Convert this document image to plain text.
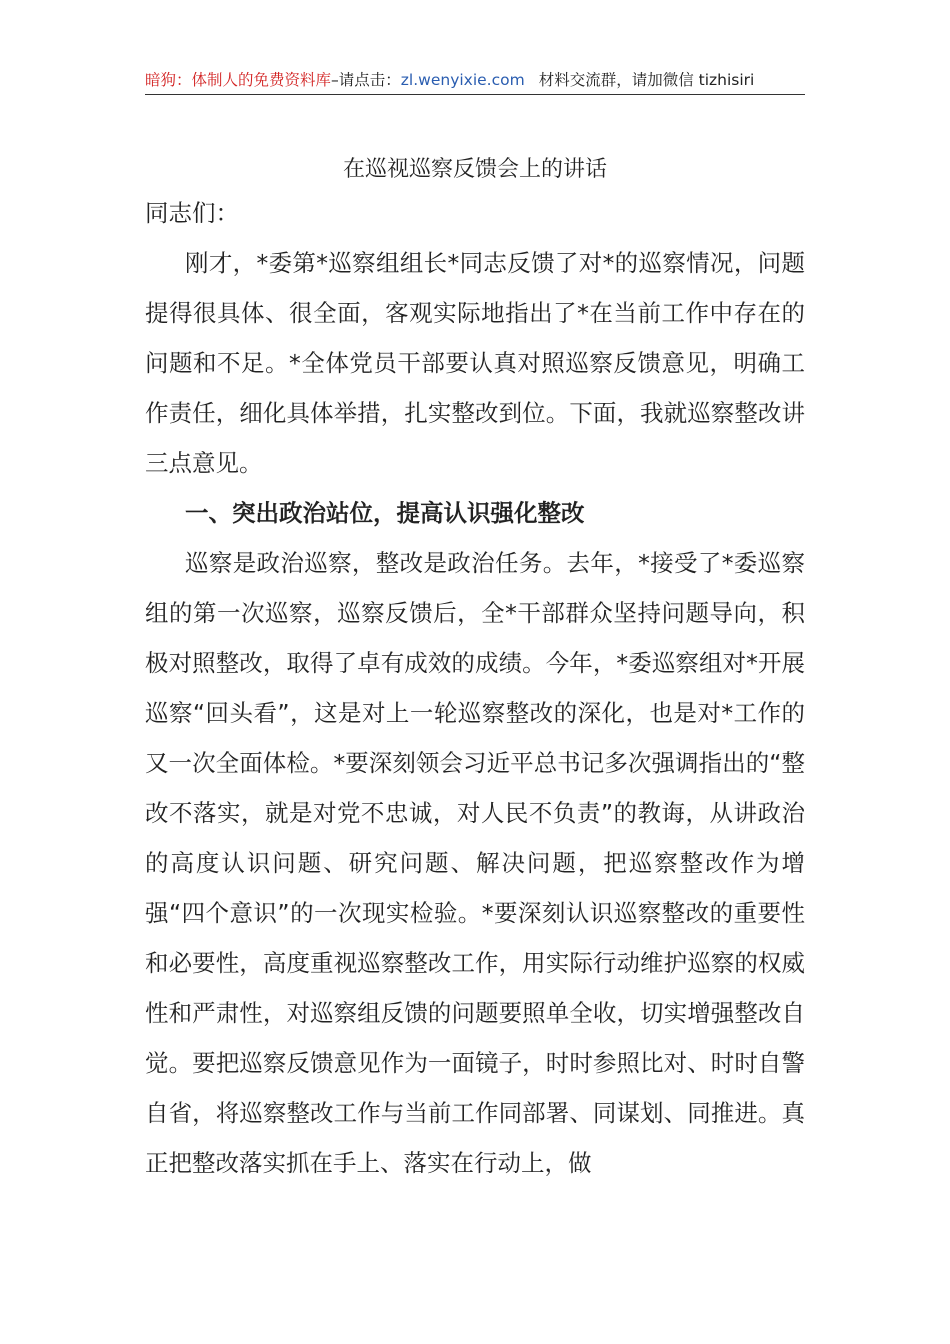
暗狗：体制人的免费资料库–请点击：zl.wenyixie.com 材料交流群，请加微信 tizhisiri
在巡视巡察反馈会上的讲话

同志们：

刚才，*委第*巡察组组长*同志反馈了对*的巡察情况，问题提得很具体、很全面，客观实际地指出了*在当前工作中存在的问题和不足。*全体党员干部要认真对照巡察反馈意见，明确工作责任，细化具体举措，扎实整改到位。下面，我就巡察整改讲三点意见。

一、突出政治站位，提高认识强化整改

巡察是政治巡察，整改是政治任务。去年，*接受了*委巡察组的第一次巡察，巡察反馈后，全*干部群众坚持问题导向，积极对照整改，取得了卓有成效的成绩。今年，*委巡察组对*开展巡察“回头看”，这是对上一轮巡察整改的深化，也是对*工作的又一次全面体检。*要深刻领会习近平总书记多次强调指出的“整改不落实，就是对党不忠诚，对人民不负责”的教诲，从讲政治的高度认识问题、研究问题、解决问题，把巡察整改作为增强“四个意识”的一次现实检验。*要深刻认识巡察整改的重要性和必要性，高度重视巡察整改工作，用实际行动维护巡察的权威性和严肃性，对巡察组反馈的问题要照单全收，切实增强整改自觉。要把巡察反馈意见作为一面镜子，时时参照比对、时时自警自省，将巡察整改工作与当前工作同部署、同谋划、同推进。真正把整改落实抓在手上、落实在行动上，做
